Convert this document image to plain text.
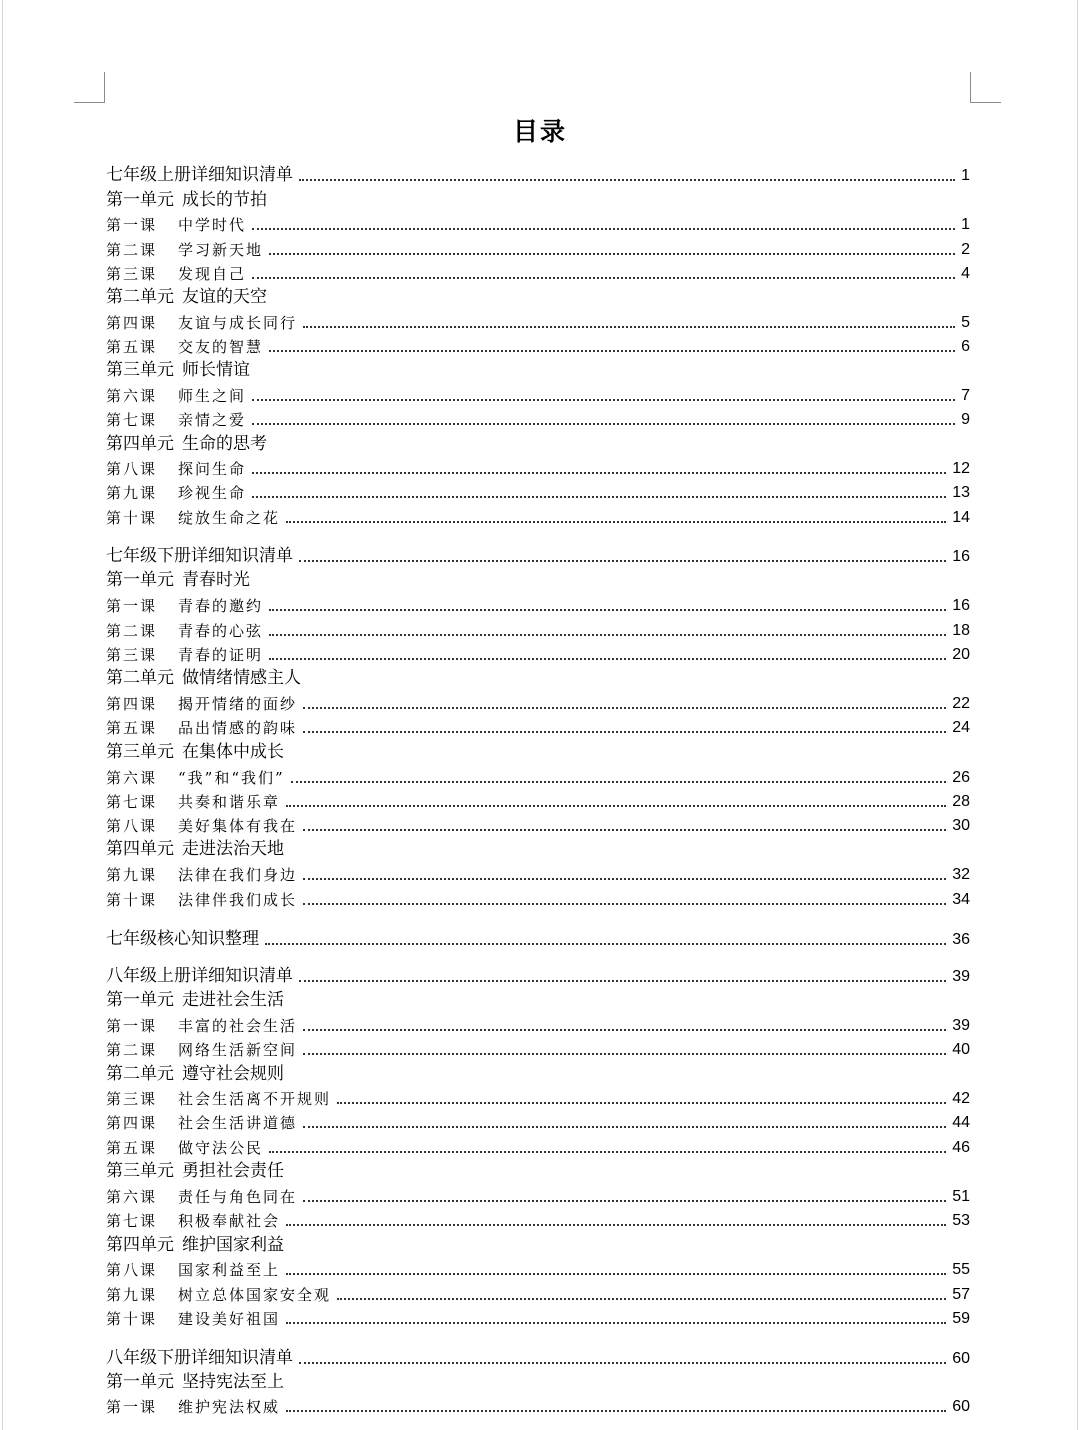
目录
七年级上册详细知识清单	1
第一单元 成长的节拍
第一课 中学时代	1
第二课 学习新天地	2
第三课 发现自己	4
第二单元 友谊的天空
第四课 友谊与成长同行	5
第五课 交友的智慧	6
第三单元 师长情谊
第六课 师生之间	7
第七课 亲情之爱	9
第四单元 生命的思考
第八课 探问生命	12
第九课 珍视生命	13
第十课 绽放生命之花	14
七年级下册详细知识清单	16
第一单元 青春时光
第一课 青春的邀约	16
第二课 青春的心弦	18
第三课 青春的证明	20
第二单元 做情绪情感主人
第四课 揭开情绪的面纱	22
第五课 品出情感的韵味	24
第三单元 在集体中成长
第六课 “我”和“我们”	26
第七课 共奏和谐乐章	28
第八课 美好集体有我在	30
第四单元 走进法治天地
第九课 法律在我们身边	32
第十课 法律伴我们成长	34
七年级核心知识整理	36
八年级上册详细知识清单	39
第一单元 走进社会生活
第一课 丰富的社会生活	39
第二课 网络生活新空间	40
第二单元 遵守社会规则
第三课 社会生活离不开规则	42
第四课 社会生活讲道德	44
第五课 做守法公民	46
第三单元 勇担社会责任
第六课 责任与角色同在	51
第七课 积极奉献社会	53
第四单元 维护国家利益
第八课 国家利益至上	55
第九课 树立总体国家安全观	57
第十课 建设美好祖国	59
八年级下册详细知识清单	60
第一单元 坚持宪法至上
第一课 维护宪法权威	60
